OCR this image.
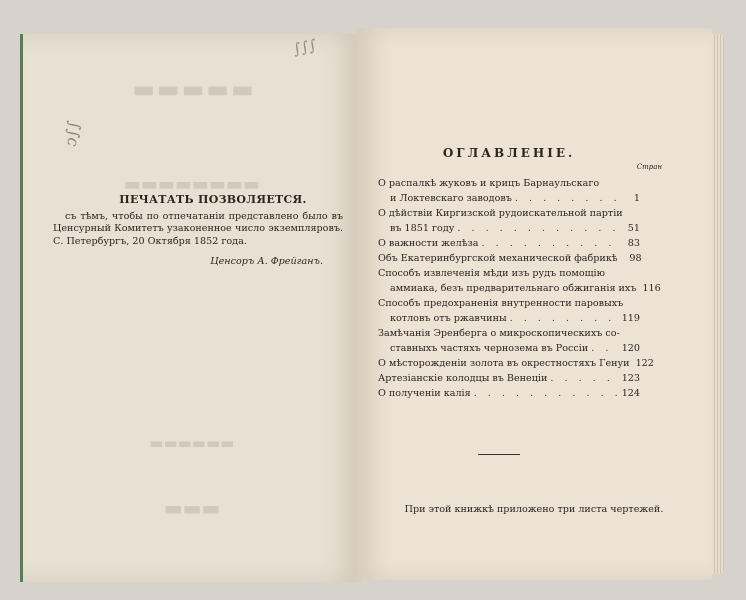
▬▬▬▬▬
▬▬▬▬▬▬▬▬
▬▬▬▬▬▬
▬▬▬
ↄ∫∫
∫∫∫
ПЕЧАТАТЬ ПОЗВОЛЯЕТСЯ.

съ тѣмъ, чтобы по отпечатаніи представлено было въ Ценсурный Комитетъ узаконенное число экземпляровъ. С. Петербургъ, 20 Октября 1852 года.

Ценсоръ А. Фрейганъ.
ОГЛАВЛЕНІЕ.
Стран
О распалкѣ жуковъ и крицъ Барнаульскаго
и Локтевскаго заводовъ . . .	1
О дѣйствіи Киргизской рудоискательной партіи
въ 1851 году . . .	51
О важности желѣза . . .	83
Объ Екатеринбургской механической фабрикѣ	98
Способъ извлеченія мѣди изъ рудъ помощію
аммиака, безъ предварительнаго обжиганія ихъ 116
Способъ предохраненія внутренности паровыхъ
котловъ отъ ржавчины . . .	119
Замѣчанія Эренберга о микроскопическихъ со-
ставныхъ частяхъ чернозема въ Россіи . . .	120
О мѣсторожденіи золота въ окрестностяхъ Генуи 122
Артезіанскіе колодцы въ Венеціи . . .	123
О полученіи калія . . .	124
При этой книжкѣ приложено три листа чертежей.
